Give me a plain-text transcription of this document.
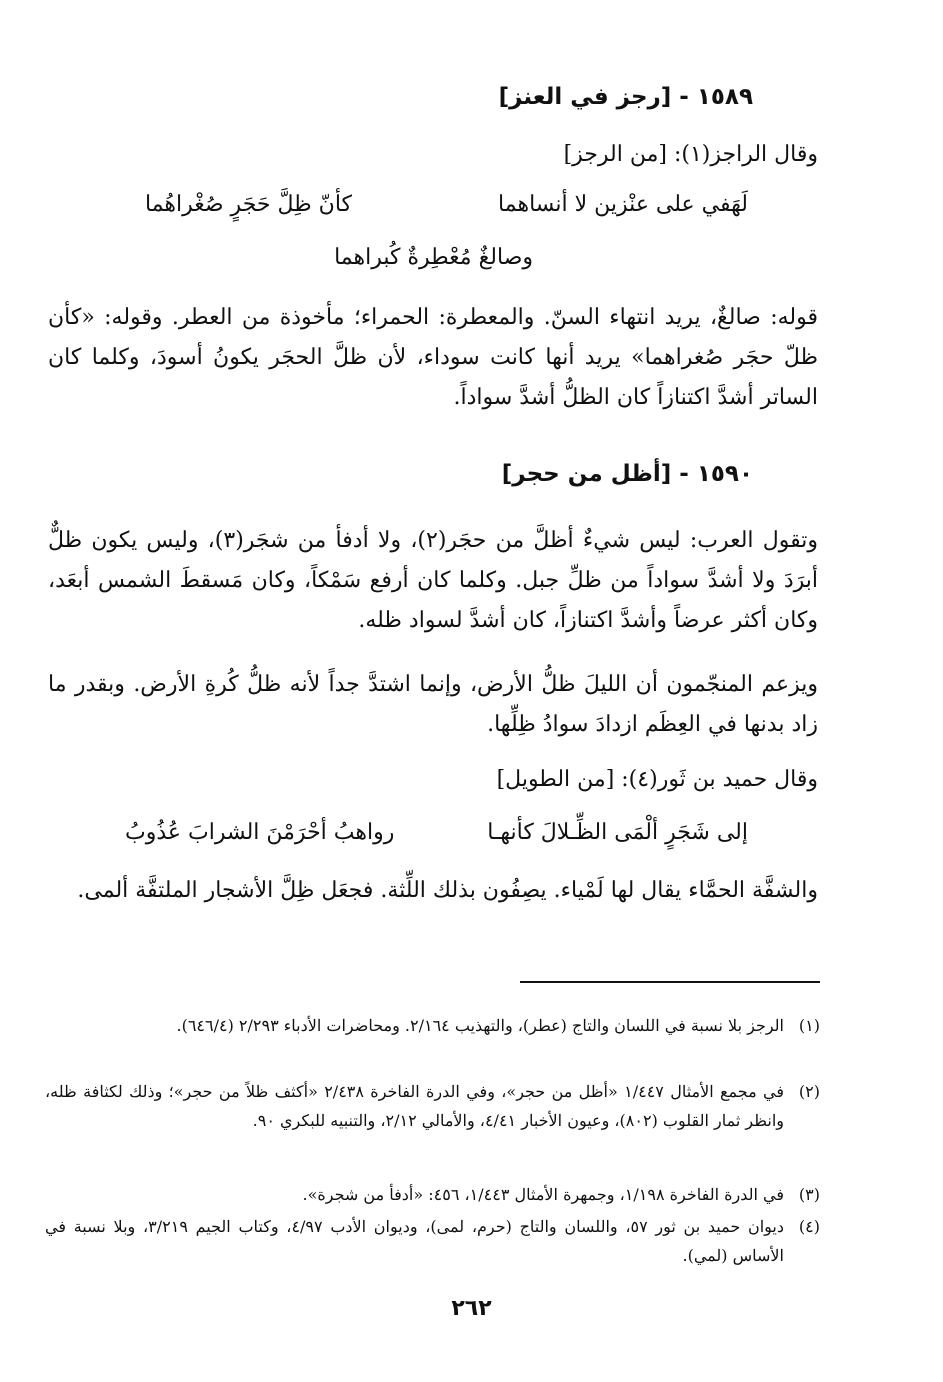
١٥٨٩ - [رجز في العنز]
وقال الراجز(١): [من الرجز]
لَهَفي على عنْزين لا أنساهما
كأنّ ظِلَّ حَجَرٍ صُغْراهُما
وصالغٌ مُعْطِرةٌ كُبراهما
قوله: صالغٌ، يريد انتهاء السنّ. والمعطرة: الحمراء؛ مأخوذة من العطر. وقوله: «كأن ظلّ حجَر صُغراهما» يريد أنها كانت سوداء، لأن ظلَّ الحجَر يكونُ أسودَ، وكلما كان الساتر أشدَّ اكتنازاً كان الظلُّ أشدَّ سواداً.
١٥٩٠ - [أظل من حجر]
وتقول العرب: ليس شيءٌ أظلَّ من حجَر(٢)، ولا أدفأ من شجَر(٣)، وليس يكون ظلٌّ أبرَدَ ولا أشدَّ سواداً من ظلِّ جبل. وكلما كان أرفع سَمْكاً، وكان مَسقطَ الشمس أبعَد، وكان أكثر عرضاً وأشدَّ اكتنازاً، كان أشدَّ لسواد ظله.
ويزعم المنجّمون أن الليلَ ظلُّ الأرض، وإنما اشتدَّ جداً لأنه ظلُّ كُرةِ الأرض. وبقدر ما زاد بدنها في العِظَم ازدادَ سوادُ ظِلِّها.
وقال حميد بن ثَور(٤): [من الطويل]
إلى شَجَرٍ ألْمَى الظِّـلالَ كأنهـا
رواهبُ أحْرَمْنَ الشرابَ عُذُوبُ
والشفَّة الحمَّاء يقال لها لَمْياء. يصِفُون بذلك اللِّثة. فجعَل ظِلَّ الأشجار الملتفَّة ألمى.
(١)
الرجز بلا نسبة في اللسان والتاج (عطر)، والتهذيب ٢/١٦٤. ومحاضرات الأدباء ٢/٢٩٣ (٦٤٦/٤).
(٢)
في مجمع الأمثال ١/٤٤٧ «أظل من حجر»، وفي الدرة الفاخرة ٢/٤٣٨ «أكثف ظلاً من حجر»؛ وذلك لكثافة ظله، وانظر ثمار القلوب (٨٠٢)، وعيون الأخبار ٤/٤١، والأمالي ٢/١٢، والتنبيه للبكري ٩٠.
(٣)
في الدرة الفاخرة ١/١٩٨، وجمهرة الأمثال ١/٤٤٣، ٤٥٦: «أدفأ من شجرة».
(٤)
ديوان حميد بن ثور ٥٧، واللسان والتاج (حرم، لمى)، وديوان الأدب ٤/٩٧، وكتاب الجيم ٣/٢١٩، وبلا نسبة في الأساس (لمي).
٢٦٢
